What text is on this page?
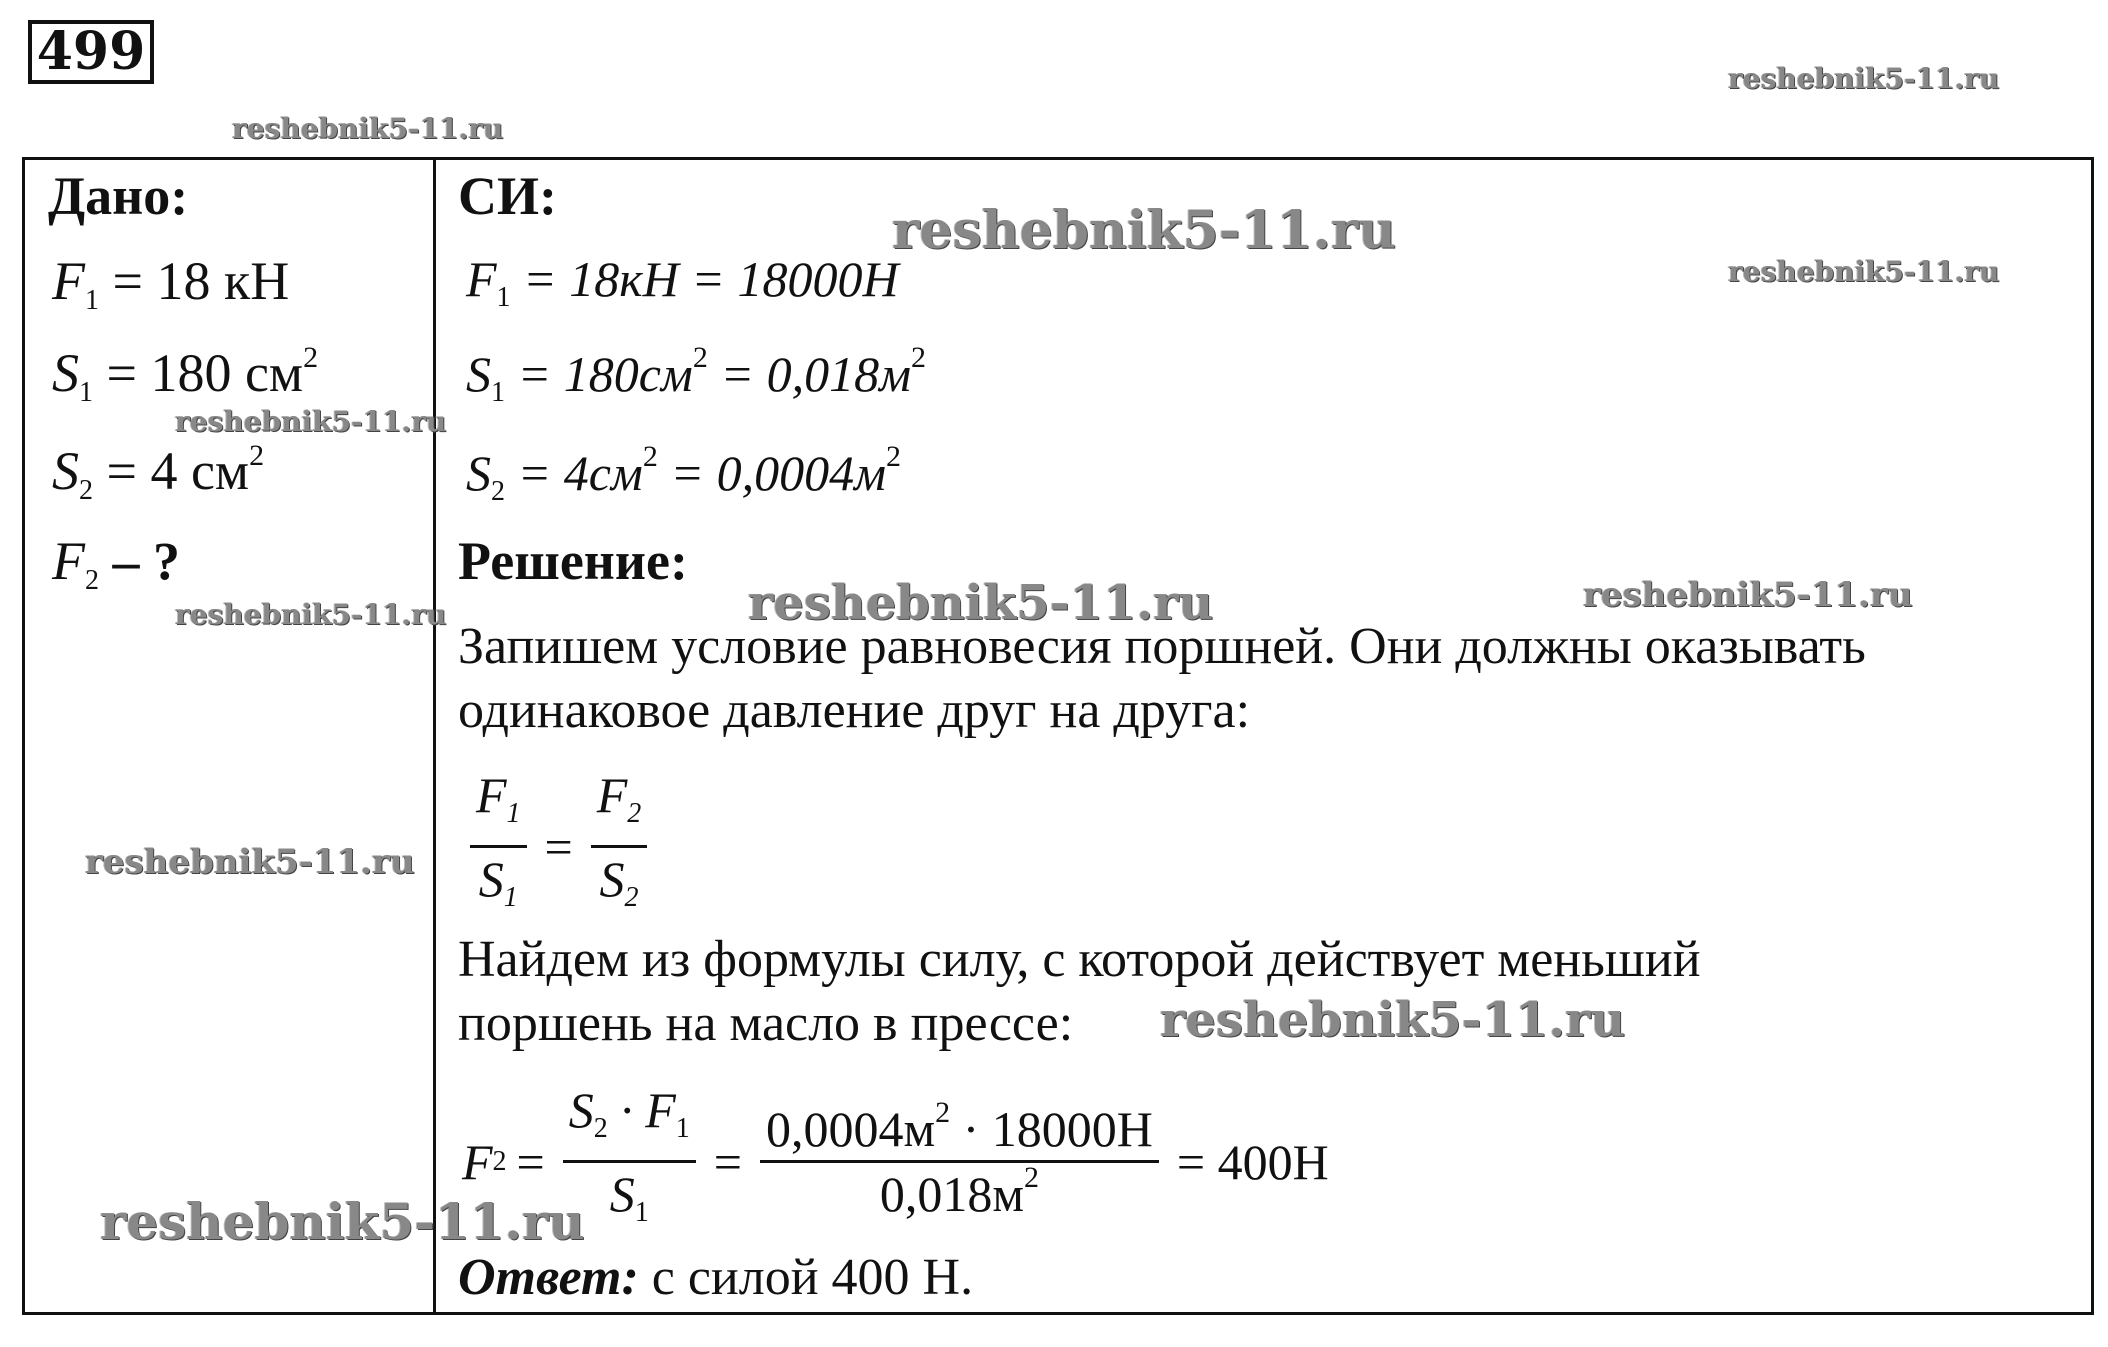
499	reshebnik5-11.ru
reshebnik5-11.ru
reshebnik5-11.ru
reshebnik5-11.ru
reshebnik5-11.ru
reshebnik5-11.ru	reshebnik5-11.ru
reshebnik5-11.ru
reshebnik5-11.ru
reshebnik5-11.ru
reshebnik5-11.ru
Дано:
$F_1 = 18$ кН
$S_1 = 180$ $см^2$
$S_2 = 4$ $см^2$
$F_2$ – ?
СИ:
$F_1 = 18кН = 18000Н$
$S_1 = 180см^2 = 0,018м^2$
$S_2 = 4см^2 = 0,0004м^2$
Решение:
Запишем условие равновесия поршней. Они должны оказывать
одинаковое давление друг на друга:
$\frac{F_1}{S_1} = \frac{F_2}{S_2}$
Найдем из формулы силу, с которой действует меньший
поршень на масло в прессе:
F $2 = \frac{S_2 \cdot F_1}{S_1} = \frac{0,0004м^2 \cdot 18000Н}{0,018м^2} = 400Н$
Ответ: с силой 400 Н.
